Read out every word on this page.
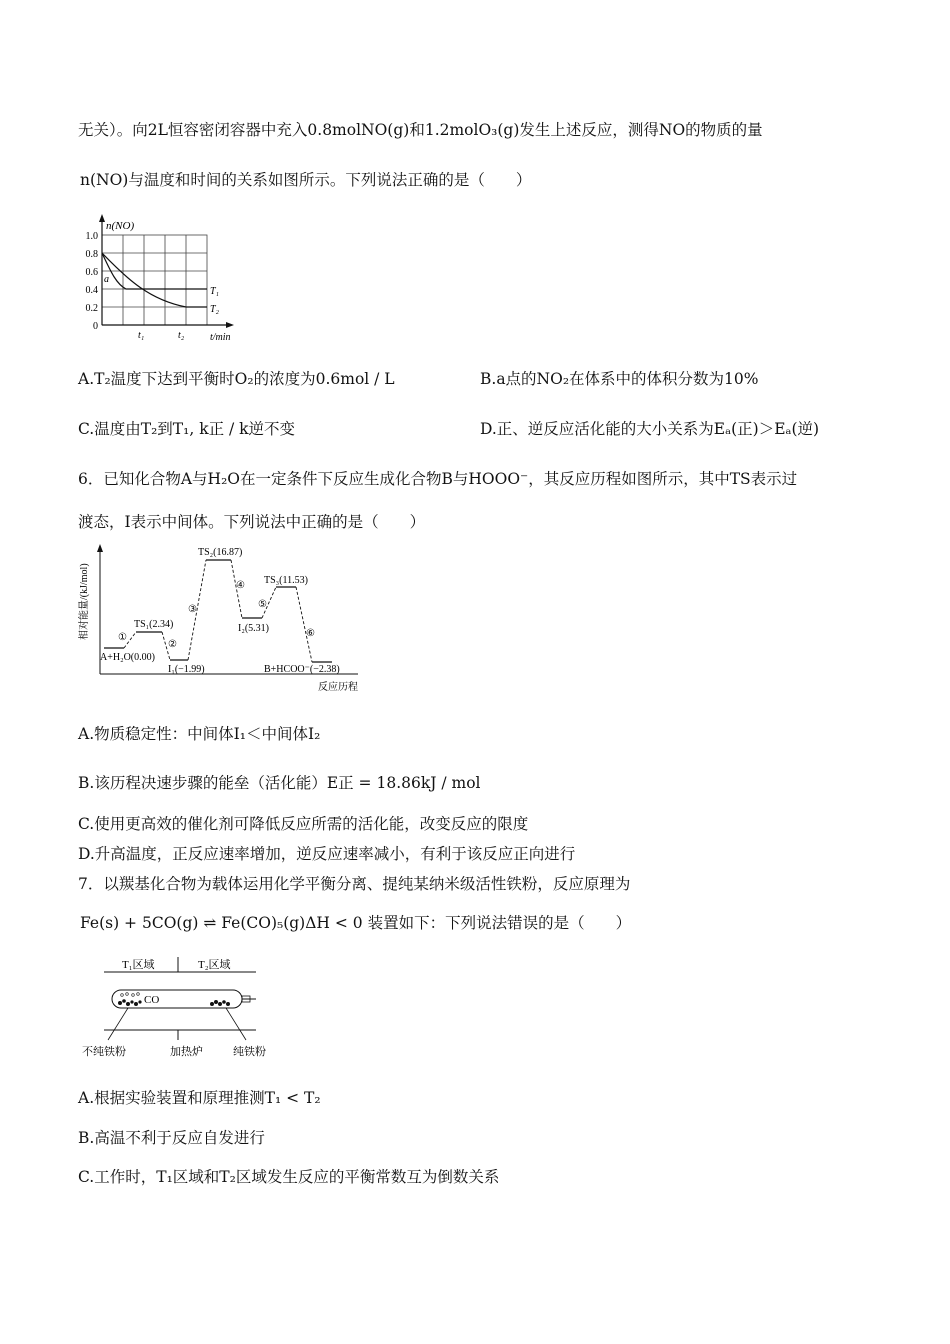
无关）。向2L恒容密闭容器中充入0.8molNO(g)和1.2molO₃(g)发生上述反应，测得NO的物质的量
n(NO)与温度和时间的关系如图所示。下列说法正确的是（　　）
n(NO)
t/min
1.0
0.8
0.6
0.4
0.2
0
t₁	t₂
a
T₁
T₂
A.T₂温度下达到平衡时O₂的浓度为0.6mol / L	B.a点的NO₂在体系中的体积分数为10%
C.温度由T₂到T₁, k正 / k逆不变	D.正、逆反应活化能的大小关系为Eₐ(正)＞Eₐ(逆)
6．已知化合物A与H₂O在一定条件下反应生成化合物B与HOOO⁻，其反应历程如图所示，其中TS表示过
渡态，I表示中间体。下列说法中正确的是（　　）
相对能量/(kJ/mol)
反应历程
A+H₂O(0.00)
TS₁(2.34)
I₁(−1.99)
TS₂(16.87)
I₂(5.31)
TS₃(11.53)
B+HCOO⁻(−2.38)
①
②
③
④
⑤
⑥
A.物质稳定性：中间体I₁＜中间体I₂
B.该历程决速步骤的能垒（活化能）E正 = 18.86kJ / mol
C.使用更高效的催化剂可降低反应所需的活化能，改变反应的限度
D.升高温度，正反应速率增加，逆反应速率减小，有利于该反应正向进行
7．以羰基化合物为载体运用化学平衡分离、提纯某纳米级活性铁粉，反应原理为
Fe(s) + 5CO(g) ⇌ Fe(CO)₅(g)ΔH < 0 装置如下：下列说法错误的是（　　）
T₁区域	T₂区域
CO
不纯铁粉	加热炉	纯铁粉
A.根据实验装置和原理推测T₁ < T₂
B.高温不利于反应自发进行
C.工作时，T₁区域和T₂区域发生反应的平衡常数互为倒数关系
